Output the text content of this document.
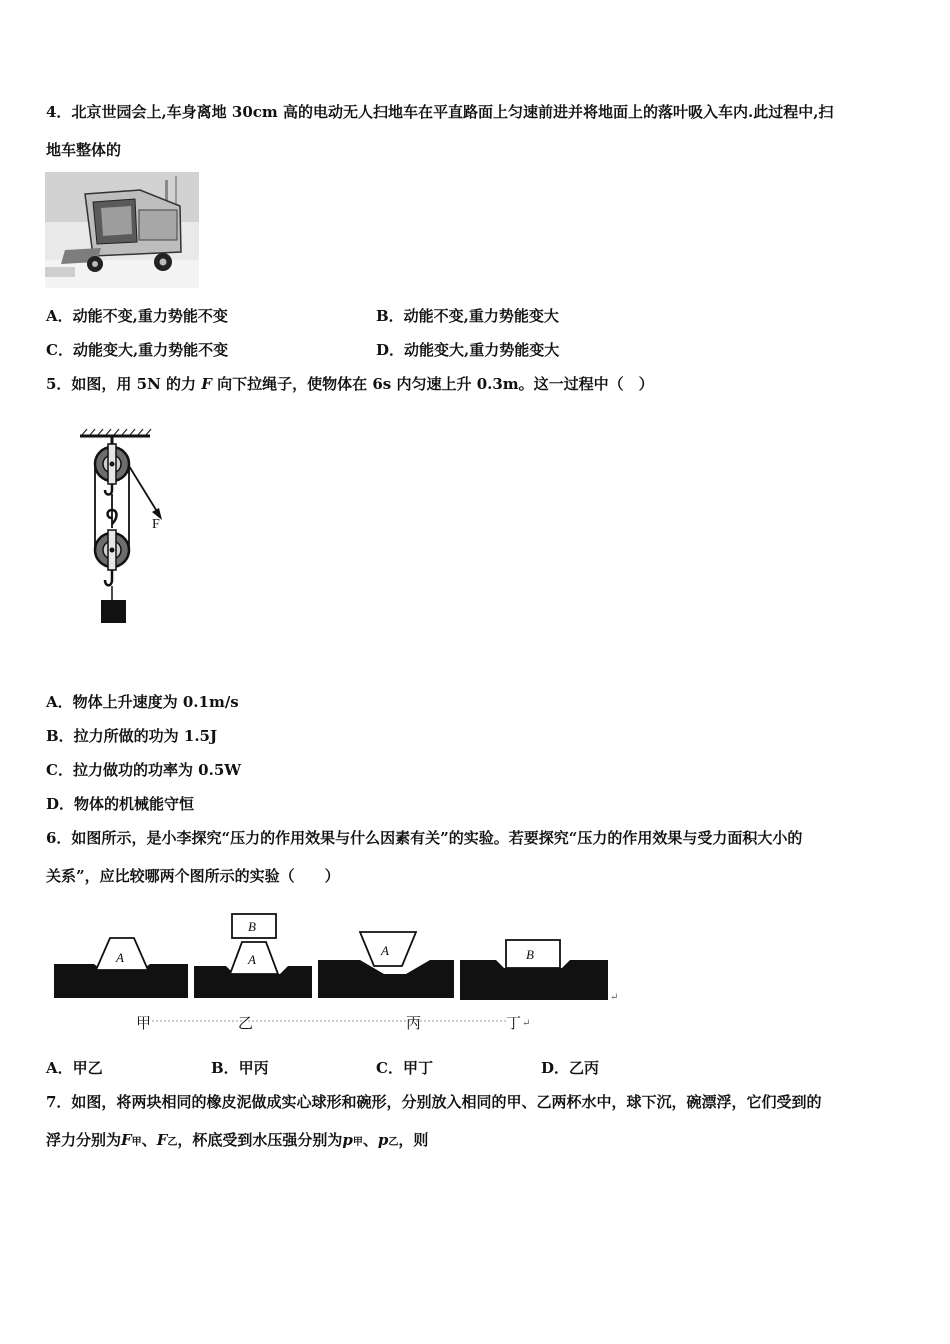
4．北京世园会上,车身离地 30cm 高的电动无人扫地车在平直路面上匀速前进并将地面上的落叶吸入车内.此过程中,扫
地车整体的
A．动能不变,重力势能不变	B．动能不变,重力势能变大
C．动能变大,重力势能不变	D．动能变大,重力势能变大
5．如图，用 5N 的力 F 向下拉绳子，使物体在 6s 内匀速上升 0.3m。这一过程中（　）
F
A．物体上升速度为 0.1m/s
B．拉力所做的功为 1.5J
C．拉力做功的功率为 0.5W
D．物体的机械能守恒
6．如图所示，是小李探究“压力的作用效果与什么因素有关”的实验。若要探究“压力的作用效果与受力面积大小的
关系”，应比较哪两个图所示的实验（　　）
A	A
B
A	B
↵
甲	乙	丙	丁 ↵
A．甲乙	B．甲丙	C．甲丁	D．乙丙
7．如图，将两块相同的橡皮泥做成实心球形和碗形，分别放入相同的甲、乙两杯水中，球下沉，碗漂浮，它们受到的
浮力分别为F甲、F乙，杯底受到水压强分别为p甲、p乙，则
